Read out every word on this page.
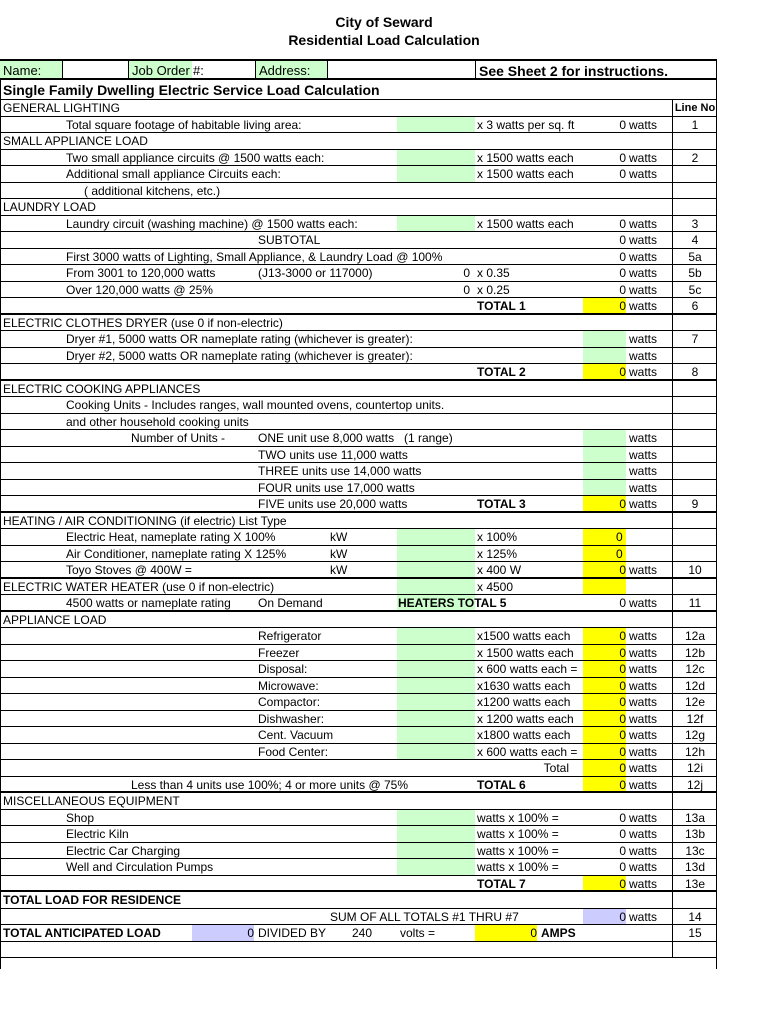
City of Seward
Residential Load Calculation
Name:	Job Order #:	Address:	See Sheet 2 for instructions.
Single Family Dwelling Electric Service Load Calculation
GENERAL LIGHTING	Line No
Total square footage of habitable living area:	x 3 watts per sq. ft	0 watts	1
SMALL APPLIANCE LOAD
Two small appliance circuits @ 1500 watts each:	x 1500 watts each	0 watts	2
Additional small appliance Circuits each:	x 1500 watts each	0 watts
( additional kitchens, etc.)
LAUNDRY LOAD
Laundry circuit (washing machine) @ 1500 watts each:	x 1500 watts each	0 watts	3
SUBTOTAL	0 watts	4
First 3000 watts of Lighting, Small Appliance, & Laundry Load @ 100%	0 watts	5a
From 3001 to 120,000 watts	(J13-3000 or 117000)	0 x 0.35	0 watts	5b
Over 120,000 watts @ 25%	0 x 0.25	0 watts	5c
TOTAL 1	0 watts	6
ELECTRIC CLOTHES DRYER (use 0 if non-electric)
Dryer #1, 5000 watts OR nameplate rating (whichever is greater):	watts	7
Dryer #2, 5000 watts OR nameplate rating (whichever is greater):	watts
TOTAL 2	0 watts	8
ELECTRIC COOKING APPLIANCES
Cooking Units - Includes ranges, wall mounted ovens, countertop units.
and other household cooking units
Number of Units -	ONE unit use 8,000 watts (1 range)	watts
TWO units use 11,000 watts	watts
THREE units use 14,000 watts	watts
FOUR units use 17,000 watts	watts
FIVE units use 20,000 watts	TOTAL 3	0 watts	9
HEATING / AIR CONDITIONING (if electric) List Type
Electric Heat, nameplate rating X 100%	kW	x 100%	0
Air Conditioner, nameplate rating X 125%	kW	x 125%	0
Toyo Stoves @ 400W =	kW	x 400 W	0 watts	10
ELECTRIC WATER HEATER (use 0 if non-electric)	x 4500
4500 watts or nameplate rating	On Demand	HEATERS TOTAL 5	0 watts	11
APPLIANCE LOAD
Refrigerator	x1500 watts each	0 watts	12a
Freezer	x 1500 watts each	0 watts	12b
Disposal:	x 600 watts each =	0 watts	12c
Microwave:	x1630 watts each	0 watts	12d
Compactor:	x1200 watts each	0 watts	12e
Dishwasher:	x 1200 watts each	0 watts	12f
Cent. Vacuum	x1800 watts each	0 watts	12g
Food Center:	x 600 watts each =	0 watts	12h
Total	0 watts	12i
Less than 4 units use 100%; 4 or more units @ 75%	TOTAL 6	0 watts	12j
MISCELLANEOUS EQUIPMENT
Shop	watts x 100% =	0 watts	13a
Electric Kiln	watts x 100% =	0 watts	13b
Electric Car Charging	watts x 100% =	0 watts	13c
Well and Circulation Pumps	watts x 100% =	0 watts	13d
TOTAL 7	0 watts	13e
TOTAL LOAD FOR RESIDENCE
SUM OF ALL TOTALS #1 THRU #7	0 watts	14
TOTAL ANTICIPATED LOAD	0 DIVIDED BY	240	volts =	0 AMPS	15
